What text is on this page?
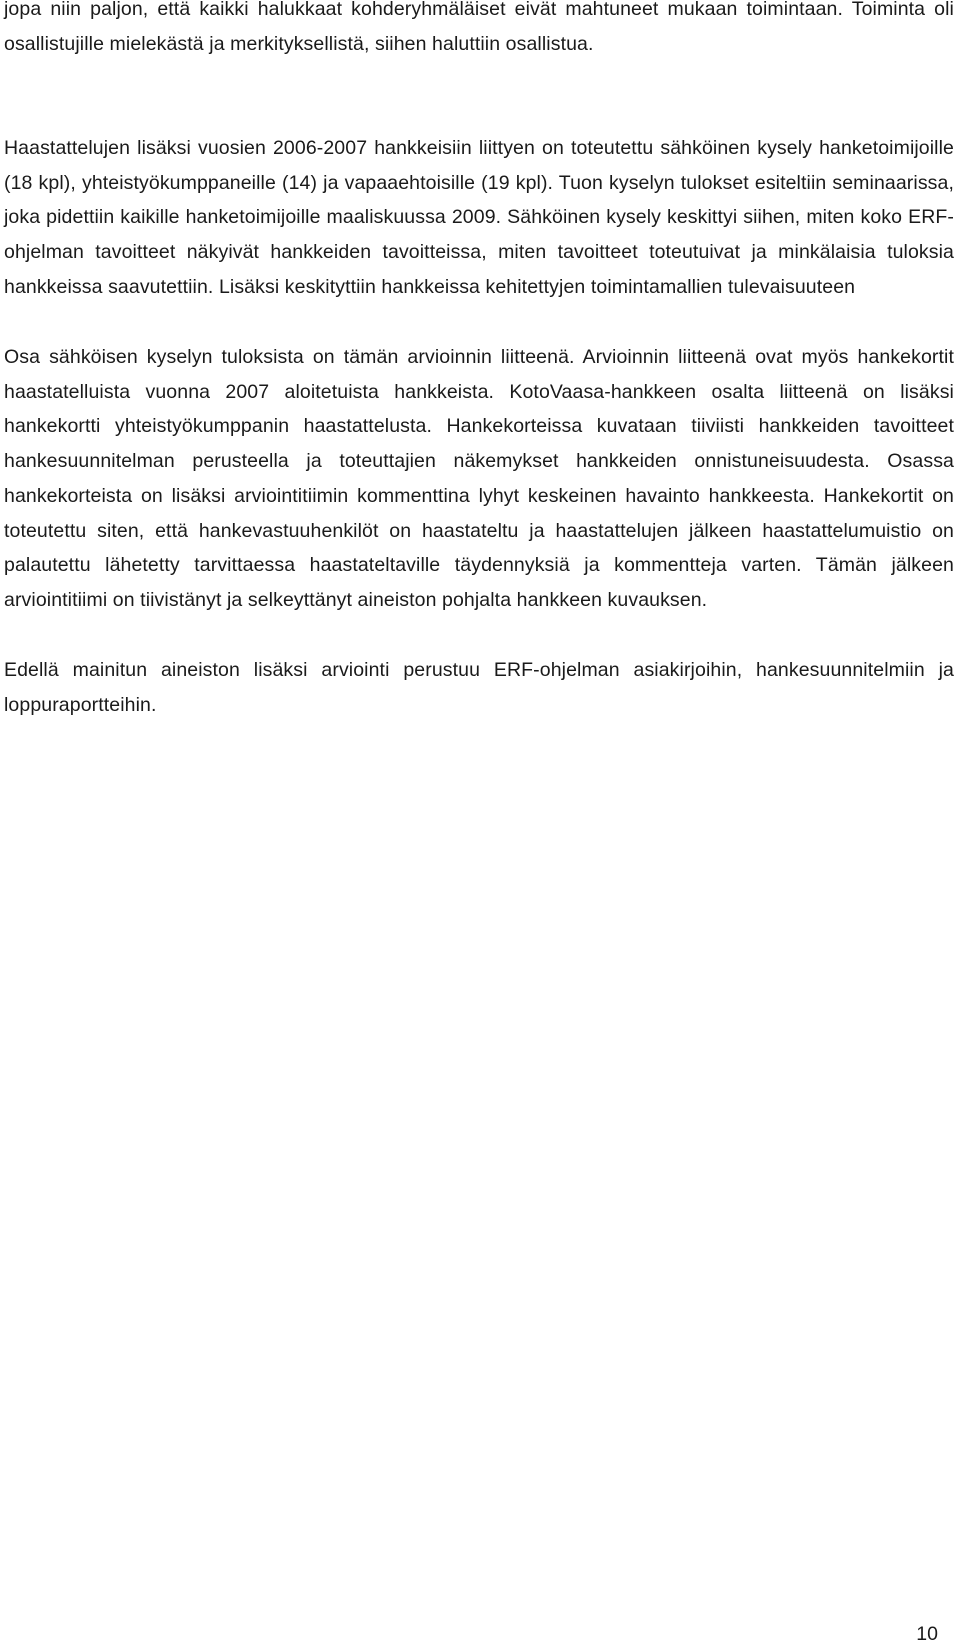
jopa niin paljon, että kaikki halukkaat kohderyhmäläiset eivät mahtuneet mukaan toimintaan. Toiminta oli osallistujille mielekästä ja merkityksellistä, siihen haluttiin osallistua.

Haastattelujen lisäksi vuosien 2006-2007 hankkeisiin liittyen on toteutettu sähköinen kysely hanketoimijoille (18 kpl), yhteistyökumppaneille (14) ja vapaaehtoisille (19 kpl). Tuon kyselyn tulokset esiteltiin seminaarissa, joka pidettiin kaikille hanketoimijoille maaliskuussa 2009. Sähköinen kysely keskittyi siihen, miten koko ERF-ohjelman tavoitteet näkyivät hankkeiden tavoitteissa, miten tavoitteet toteutuivat ja minkälaisia tuloksia hankkeissa saavutettiin. Lisäksi keskityttiin hankkeissa kehitettyjen toimintamallien tulevaisuuteen

Osa sähköisen kyselyn tuloksista on tämän arvioinnin liitteenä. Arvioinnin liitteenä ovat myös hankekortit haastatelluista vuonna 2007 aloitetuista hankkeista. KotoVaasa-hankkeen osalta liitteenä on lisäksi hankekortti yhteistyökumppanin haastattelusta. Hankekorteissa kuvataan tiiviisti hankkeiden tavoitteet hankesuunnitelman perusteella ja toteuttajien näkemykset hankkeiden onnistuneisuudesta. Osassa hankekorteista on lisäksi arviointitiimin kommenttina lyhyt keskeinen havainto hankkeesta. Hankekortit on toteutettu siten, että hankevastuuhenkilöt on haastateltu ja haastattelujen jälkeen haastattelumuistio on palautettu lähetetty tarvittaessa haastateltaville täydennyksiä ja kommentteja varten. Tämän jälkeen arviointitiimi on tiivistänyt ja selkeyttänyt aineiston pohjalta hankkeen kuvauksen.

Edellä mainitun aineiston lisäksi arviointi perustuu ERF-ohjelman asiakirjoihin, hankesuunnitelmiin ja loppuraportteihin.

10
